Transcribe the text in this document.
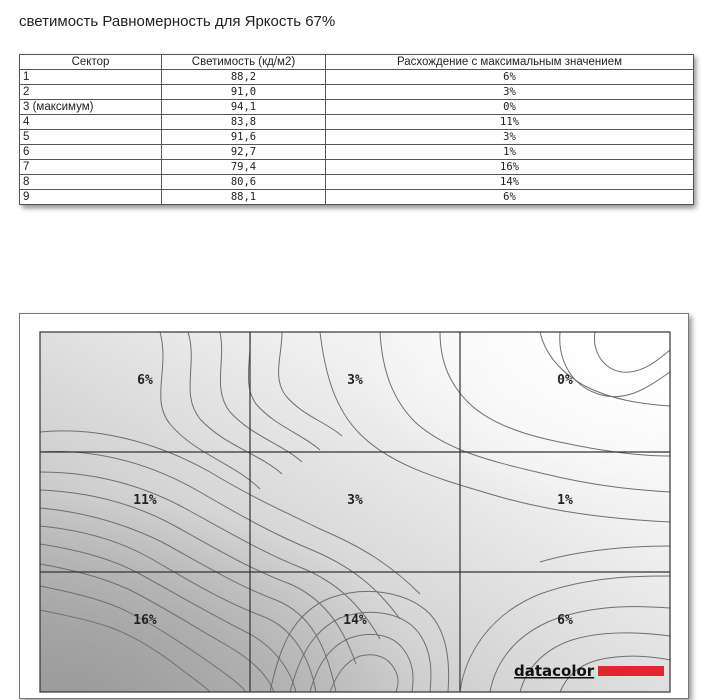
светимость Равномерность для Яркость 67%
Сектор	Светимость (кд/м2)	Расхождение с максимальным значением
1	88,2	6%
2	91,0	3%
3 (максимум)	94,1	0%
4	83,8	11%
5	91,6	3%
6	92,7	1%
7	79,4	16%
8	80,6	14%
9	88,1	6%
6%	3%	0%
11%	3%	1%
16%	14%	6%
datacolor
